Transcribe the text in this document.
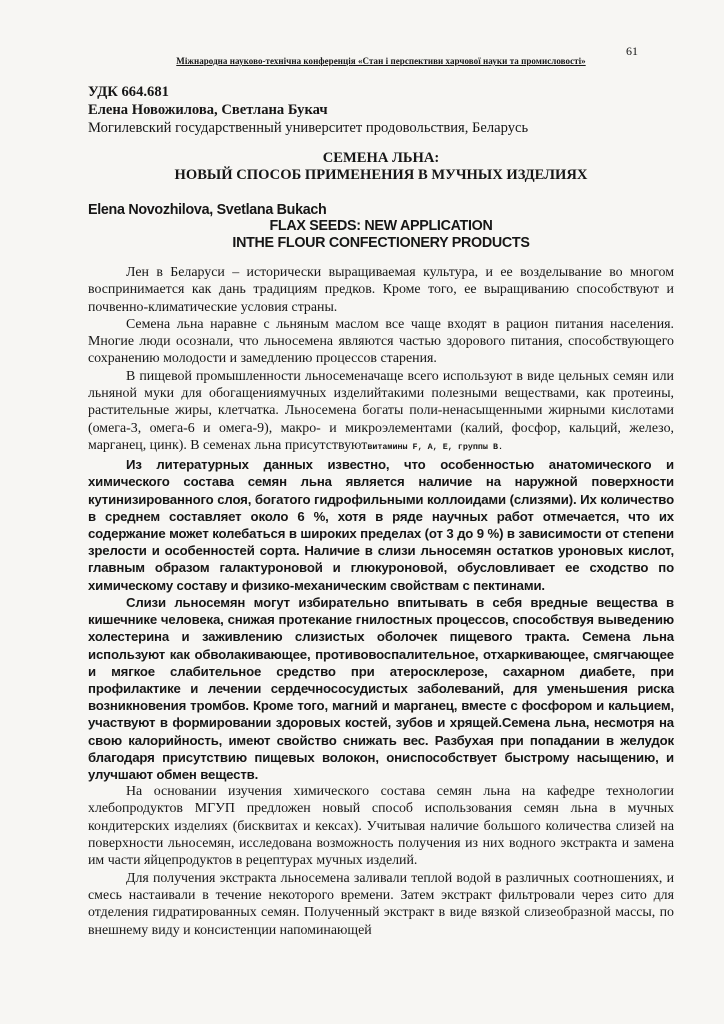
61
Міжнародна науково-технічна конференція «Стан і перспективи харчової науки та промисловості»
УДК 664.681
Елена Новожилова, Светлана Букач
Могилевский государственный университет продовольствия, Беларусь
СЕМЕНА ЛЬНА:
НОВЫЙ СПОСОБ ПРИМЕНЕНИЯ В МУЧНЫХ ИЗДЕЛИЯХ
Elena Novozhilova, Svetlana Bukach
FLAX SEEDS: NEW APPLICATION
INTHE FLOUR CONFECTIONERY PRODUCTS

Лен в Беларуси – исторически выращиваемая культура, и ее возделывание во многом воспринимается как дань традициям предков. Кроме того, ее выращиванию способствуют и почвенно-климатические условия страны.

Семена льна наравне с льняным маслом все чаще входят в рацион питания населения. Многие люди осознали, что льносемена являются частью здорового питания, способствующего сохранению молодости и замедлению процессов старения.

В пищевой промышленности льносеменачаще всего используют в виде цельных семян или льняной муки для обогащениямучных изделийтакими полезными веществами, как протеины, растительные жиры, клетчатка. Льносемена богаты поли-ненасыщенными жирными кислотами (омега-3, омега-6 и омега-9), макро- и микроэлементами (калий, фосфор, кальций, железо, марганец, цинк). В семенах льна присутствуютвитамины F, A, E, группы B.

Из литературных данных известно, что особенностью анатомического и химического состава семян льна является наличие на наружной поверхности кутинизированного слоя, богатого гидрофильными коллоидами (слизями). Их количество в среднем составляет около 6 %, хотя в ряде научных работ отмечается, что их содержание может колебаться в широких пределах (от 3 до 9 %) в зависимости от степени зрелости и особенностей сорта. Наличие в слизи льносемян остатков уроновых кислот, главным образом галактуроновой и глюкуроновой, обусловливает ее сходство по химическому составу и физико-механическим свойствам с пектинами.

Слизи льносемян могут избирательно впитывать в себя вредные вещества в кишечнике человека, снижая протекание гнилостных процессов, способствуя выведению холестерина и заживлению слизистых оболочек пищевого тракта. Семена льна используют как обволакивающее, противовоспалительное, отхаркивающее, смягчающее и мягкое слабительное средство при атеросклерозе, сахарном диабете, при профилактике и лечении сердечнососудистых заболеваний, для уменьшения риска возникновения тромбов. Кроме того, магний и марганец, вместе с фосфором и кальцием, участвуют в формировании здоровых костей, зубов и хрящей.Семена льна, несмотря на свою калорийность, имеют свойство снижать вес. Разбухая при попадании в желудок благодаря присутствию пищевых волокон, ониспособствует быстрому насыщению, и улучшают обмен веществ.

На основании изучения химического состава семян льна на кафедре технологии хлебопродуктов МГУП предложен новый способ использования семян льна в мучных кондитерских изделиях (бисквитах и кексах). Учитывая наличие большого количества слизей на поверхности льносемян, исследована возможность получения из них водного экстракта и замена им части яйцепродуктов в рецептурах мучных изделий.

Для получения экстракта льносемена заливали теплой водой в различных соотношениях, и смесь настаивали в течение некоторого времени. Затем экстракт фильтровали через сито для отделения гидратированных семян. Полученный экстракт в виде вязкой слизеобразной массы, по внешнему виду и консистенции напоминающей
